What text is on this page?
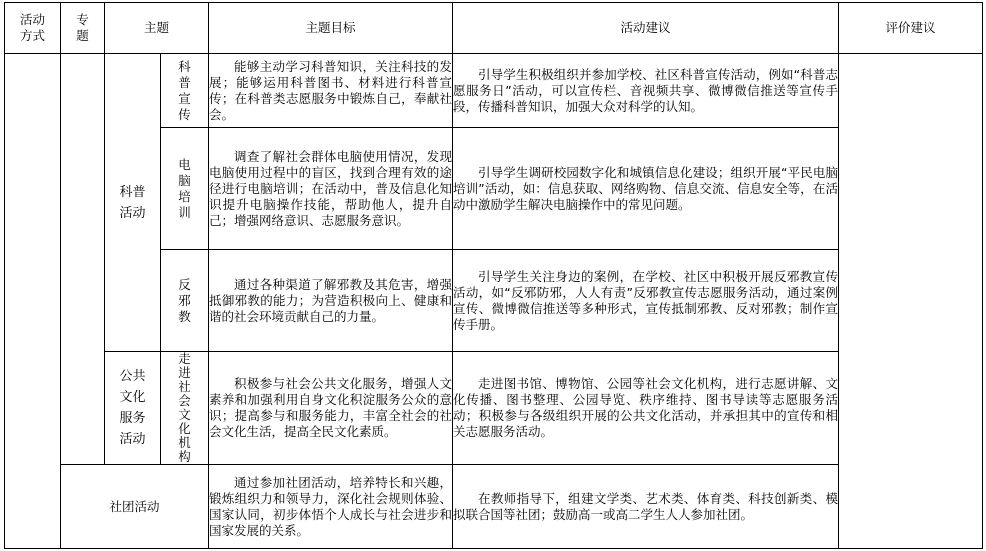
活动方式	专题	主题		主题目标	活动建议	评价建议

		科普活动	科普宣传	能够主动学习科普知识，关注科技的发展；能够运用科普图书、材料进行科普宣传；在科普类志愿服务中锻炼自己，奉献社会。	引导学生积极组织并参加学校、社区科普宣传活动，例如“科普志愿服务日”活动，可以宣传栏、音视频共享、微博微信推送等宣传手段，传播科普知识，加强大众对科学的认知。	

			电脑培训	调查了解社会群体电脑使用情况，发现电脑使用过程中的盲区，找到合理有效的途径进行电脑培训；在活动中，普及信息化知识提升电脑操作技能，帮助他人，提升自己；增强网络意识、志愿服务意识。	引导学生调研校园数字化和城镇信息化建设；组织开展“平民电脑培训”活动，如：信息获取、网络购物、信息交流、信息安全等，在活动中激励学生解决电脑操作中的常见问题。	

			反邪教	通过各种渠道了解邪教及其危害，增强抵御邪教的能力；为营造积极向上、健康和谐的社会环境贡献自己的力量。	引导学生关注身边的案例，在学校、社区中积极开展反邪教宣传活动，如“反邪防邪，人人有责”反邪教宣传志愿服务活动，通过案例宣传、微博微信推送等多种形式，宣传抵制邪教、反对邪教；制作宣传手册。	

		公共文化服务活动	走进社会文化机构	积极参与社会公共文化服务，增强人文素养和加强利用自身文化积淀服务公众的意识；提高参与和服务能力，丰富全社会的社会文化生活，提高全民文化素质。	走进图书馆、博物馆、公园等社会文化机构，进行志愿讲解、文化传播、图书整理、公园导览、秩序维持、图书导读等志愿服务活动；积极参与各级组织开展的公共文化活动，并承担其中的宣传和相关志愿服务活动。	
	社团活动			通过参加社团活动，培养特长和兴趣，锻炼组织力和领导力，深化社会规则体验、国家认同，初步体悟个人成长与社会进步和国家发展的关系。	在教师指导下，组建文学类、艺术类、体育类、科技创新类、模拟联合国等社团；鼓励高一或高二学生人人参加社团。	
